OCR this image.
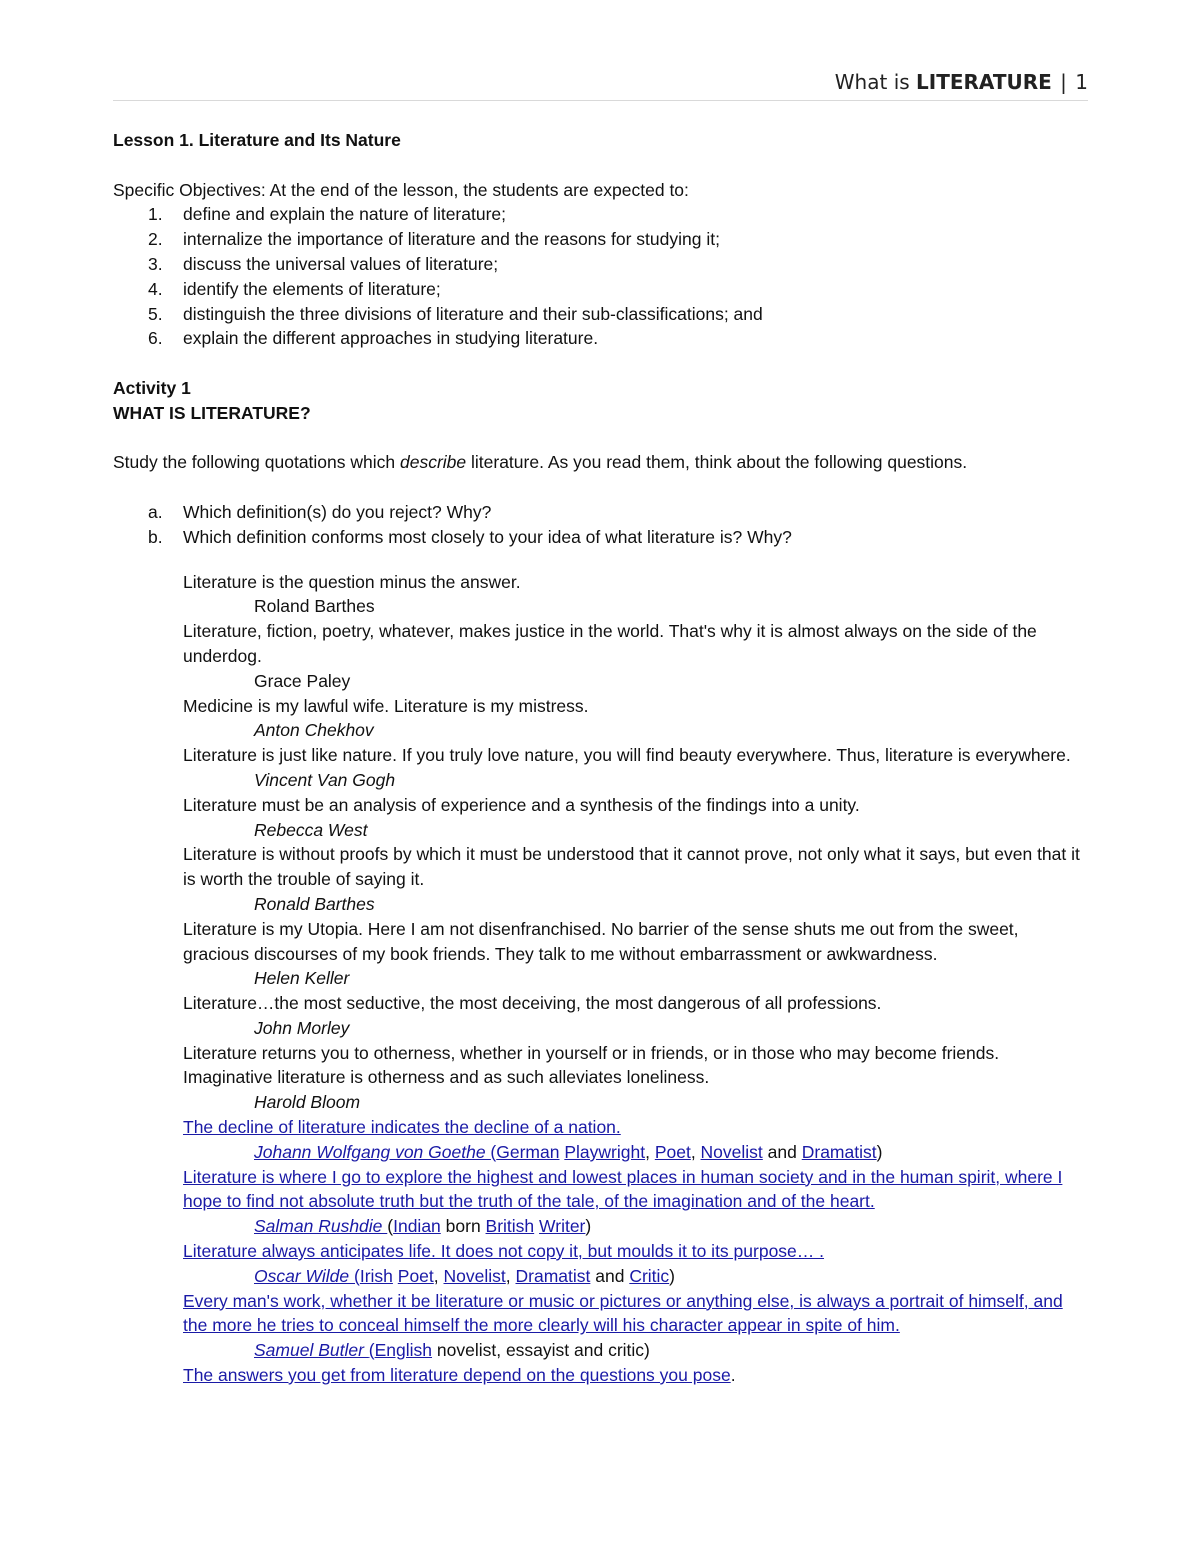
What is LITERATURE | 1
Lesson 1. Literature and Its Nature
Specific Objectives: At the end of the lesson, the students are expected to:
1. define and explain the nature of literature;
2. internalize the importance of literature and the reasons for studying it;
3. discuss the universal values of literature;
4. identify the elements of literature;
5. distinguish the three divisions of literature and their sub-classifications; and
6. explain the different approaches in studying literature.
Activity 1
WHAT IS LITERATURE?
Study the following quotations which describe literature. As you read them, think about the following questions.
a. Which definition(s) do you reject? Why?
b. Which definition conforms most closely to your idea of what literature is? Why?
Literature is the question minus the answer.
Roland Barthes
Literature, fiction, poetry, whatever, makes justice in the world. That's why it is almost always on the side of the underdog.
Grace Paley
Medicine is my lawful wife. Literature is my mistress.
Anton Chekhov
Literature is just like nature. If you truly love nature, you will find beauty everywhere. Thus, literature is everywhere.
Vincent Van Gogh
Literature must be an analysis of experience and a synthesis of the findings into a unity.
Rebecca West
Literature is without proofs by which it must be understood that it cannot prove, not only what it says, but even that it is worth the trouble of saying it.
Ronald Barthes
Literature is my Utopia. Here I am not disenfranchised. No barrier of the sense shuts me out from the sweet, gracious discourses of my book friends. They talk to me without embarrassment or awkwardness.
Helen Keller
Literature…the most seductive, the most deceiving, the most dangerous of all professions.
John Morley
Literature returns you to otherness, whether in yourself or in friends, or in those who may become friends. Imaginative literature is otherness and as such alleviates loneliness.
Harold Bloom
The decline of literature indicates the decline of a nation.
Johann Wolfgang von Goethe (German Playwright, Poet, Novelist and Dramatist)
Literature is where I go to explore the highest and lowest places in human society and in the human spirit, where I hope to find not absolute truth but the truth of the tale, of the imagination and of the heart.
Salman Rushdie (Indian born British Writer)
Literature always anticipates life. It does not copy it, but moulds it to its purpose… .
Oscar Wilde (Irish Poet, Novelist, Dramatist and Critic)
Every man's work, whether it be literature or music or pictures or anything else, is always a portrait of himself, and the more he tries to conceal himself the more clearly will his character appear in spite of him.
Samuel Butler (English novelist, essayist and critic)
The answers you get from literature depend on the questions you pose.
